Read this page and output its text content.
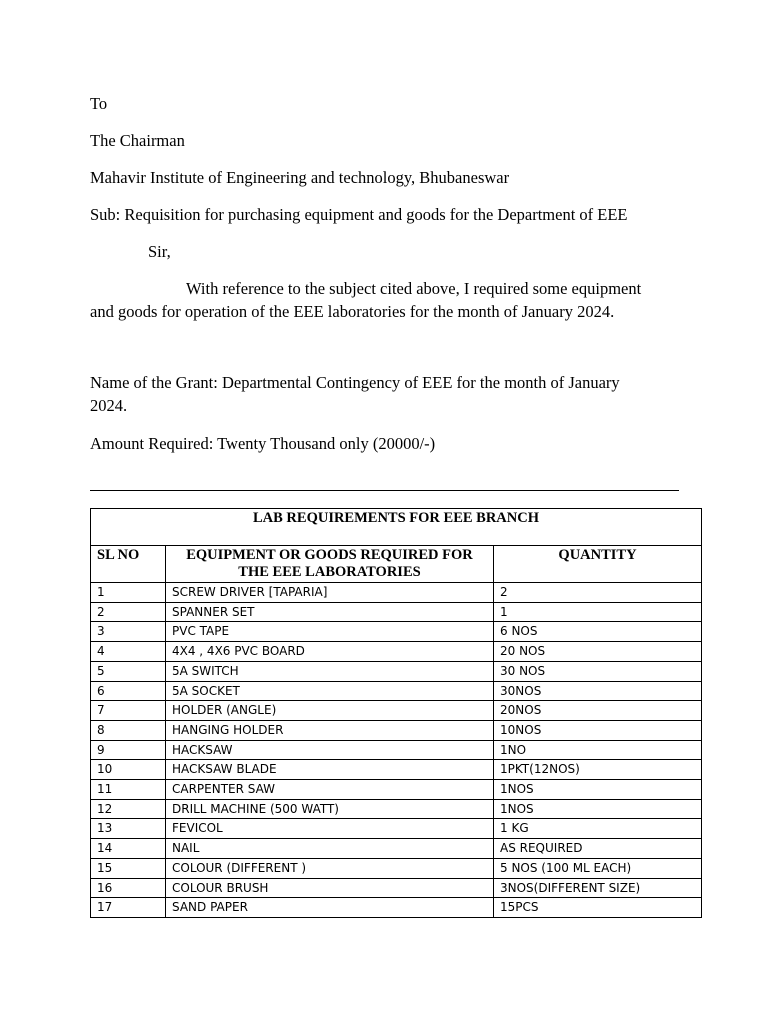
To
The Chairman
Mahavir Institute of Engineering and technology, Bhubaneswar
Sub: Requisition for purchasing equipment and goods for the Department of EEE
Sir,
With reference to the subject cited above, I required some equipment
and goods for operation of the EEE laboratories for the month of January 2024.
Name of the Grant: Departmental Contingency of EEE for the month of January
2024.
Amount Required: Twenty Thousand only (20000/-)
LAB REQUIREMENTS FOR EEE BRANCH		
SL NO	EQUIPMENT OR GOODS REQUIRED FOR THE EEE LABORATORIES	QUANTITY
1	SCREW DRIVER [TAPARIA]	2
2	SPANNER SET	1
3	PVC TAPE	6 NOS
4	4X4 , 4X6 PVC BOARD	20 NOS
5	5A SWITCH	30 NOS
6	5A SOCKET	30NOS
7	HOLDER (ANGLE)	20NOS
8	HANGING HOLDER	10NOS
9	HACKSAW	1NO
10	HACKSAW BLADE	1PKT(12NOS)
11	CARPENTER SAW	1NOS
12	DRILL MACHINE (500 WATT)	1NOS
13	FEVICOL	1 KG
14	NAIL	AS REQUIRED
15	COLOUR (DIFFERENT )	5 NOS (100 ML EACH)
16	COLOUR BRUSH	3NOS(DIFFERENT SIZE)
17	SAND PAPER	15PCS
